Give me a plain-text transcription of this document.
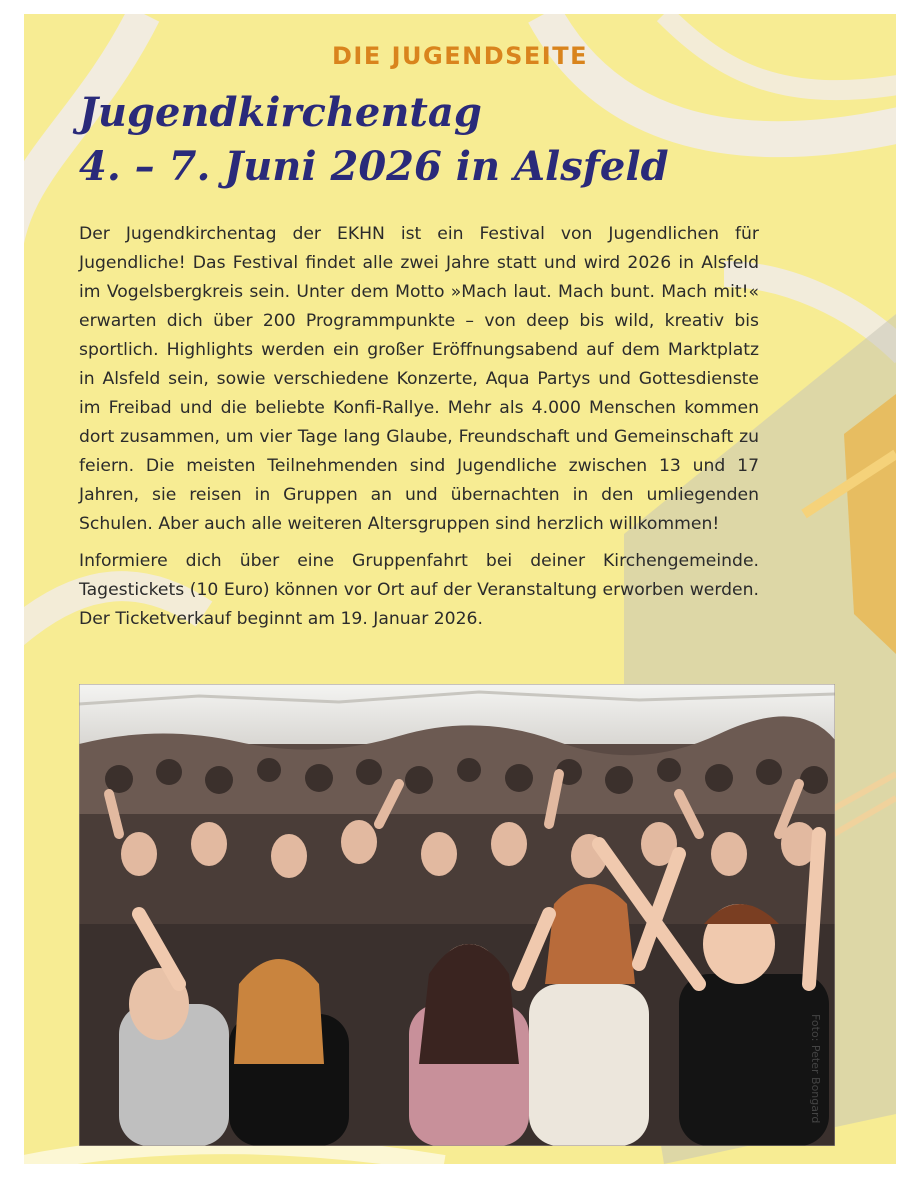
DIE JUGENDSEITE
Jugendkirchentag
4. – 7. Juni 2026 in Alsfeld

Der Jugendkirchentag der EKHN ist ein Festival von Jugendlichen für Jugendliche! Das Festival findet alle zwei Jahre statt und wird 2026 in Alsfeld im Vogelsbergkreis sein. Unter dem Motto »Mach laut. Mach bunt. Mach mit!« erwarten dich über 200 Programmpunkte – von deep bis wild, kreativ bis sportlich. Highlights werden ein großer Eröffnungsabend auf dem Marktplatz in Alsfeld sein, sowie verschiedene Konzerte, Aqua Partys und Gottesdienste im Freibad und die beliebte Konfi-Rallye. Mehr als 4.000 Menschen kommen dort zusammen, um vier Tage lang Glaube, Freundschaft und Gemeinschaft zu feiern. Die meisten Teilnehmenden sind Jugendliche zwischen 13 und 17 Jahren, sie reisen in Gruppen an und übernachten in den umliegenden Schulen. Aber auch alle weiteren Altersgruppen sind herzlich willkommen!

Informiere dich über eine Gruppenfahrt bei deiner Kirchengemeinde. Tagestickets (10 Euro) können vor Ort auf der Veranstaltung erworben werden. Der Ticketverkauf beginnt am 19. Januar 2026.

Foto: Peter Bongard
